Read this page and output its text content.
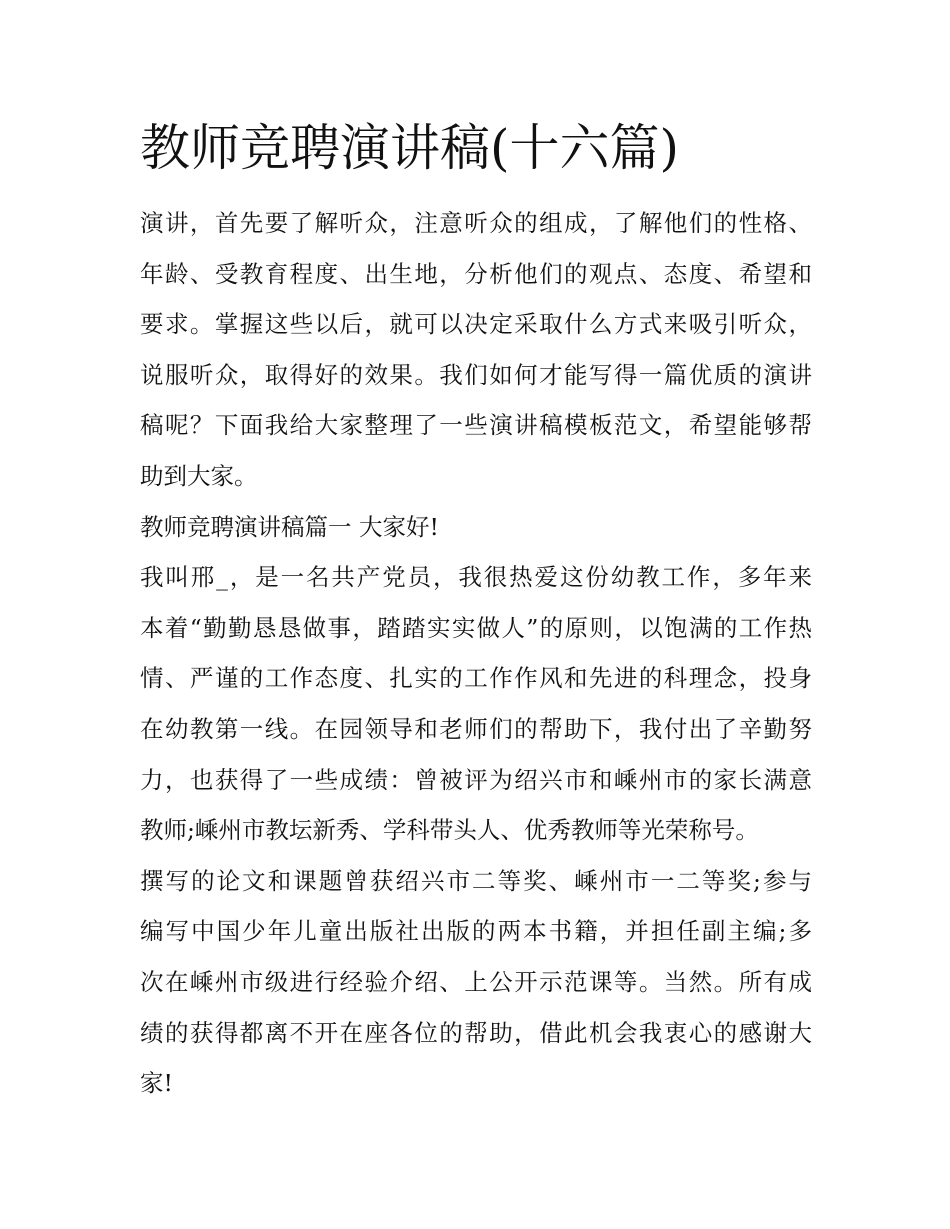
教师竞聘演讲稿(十六篇)
演讲，首先要了解听众，注意听众的组成，了解他们的性格、
年龄、受教育程度、出生地，分析他们的观点、态度、希望和
要求。掌握这些以后，就可以决定采取什么方式来吸引听众，
说服听众，取得好的效果。我们如何才能写得一篇优质的演讲
稿呢？下面我给大家整理了一些演讲稿模板范文，希望能够帮
助到大家。
教师竞聘演讲稿篇一 大家好!
我叫邢_，是一名共产党员，我很热爱这份幼教工作，多年来
本着“勤勤恳恳做事，踏踏实实做人”的原则，以饱满的工作热
情、严谨的工作态度、扎实的工作作风和先进的科理念，投身
在幼教第一线。在园领导和老师们的帮助下，我付出了辛勤努
力，也获得了一些成绩：曾被评为绍兴市和嵊州市的家长满意
教师;嵊州市教坛新秀、学科带头人、优秀教师等光荣称号。
撰写的论文和课题曾获绍兴市二等奖、嵊州市一二等奖;参与
编写中国少年儿童出版社出版的两本书籍，并担任副主编;多
次在嵊州市级进行经验介绍、上公开示范课等。当然。所有成
绩的获得都离不开在座各位的帮助，借此机会我衷心的感谢大
家!
